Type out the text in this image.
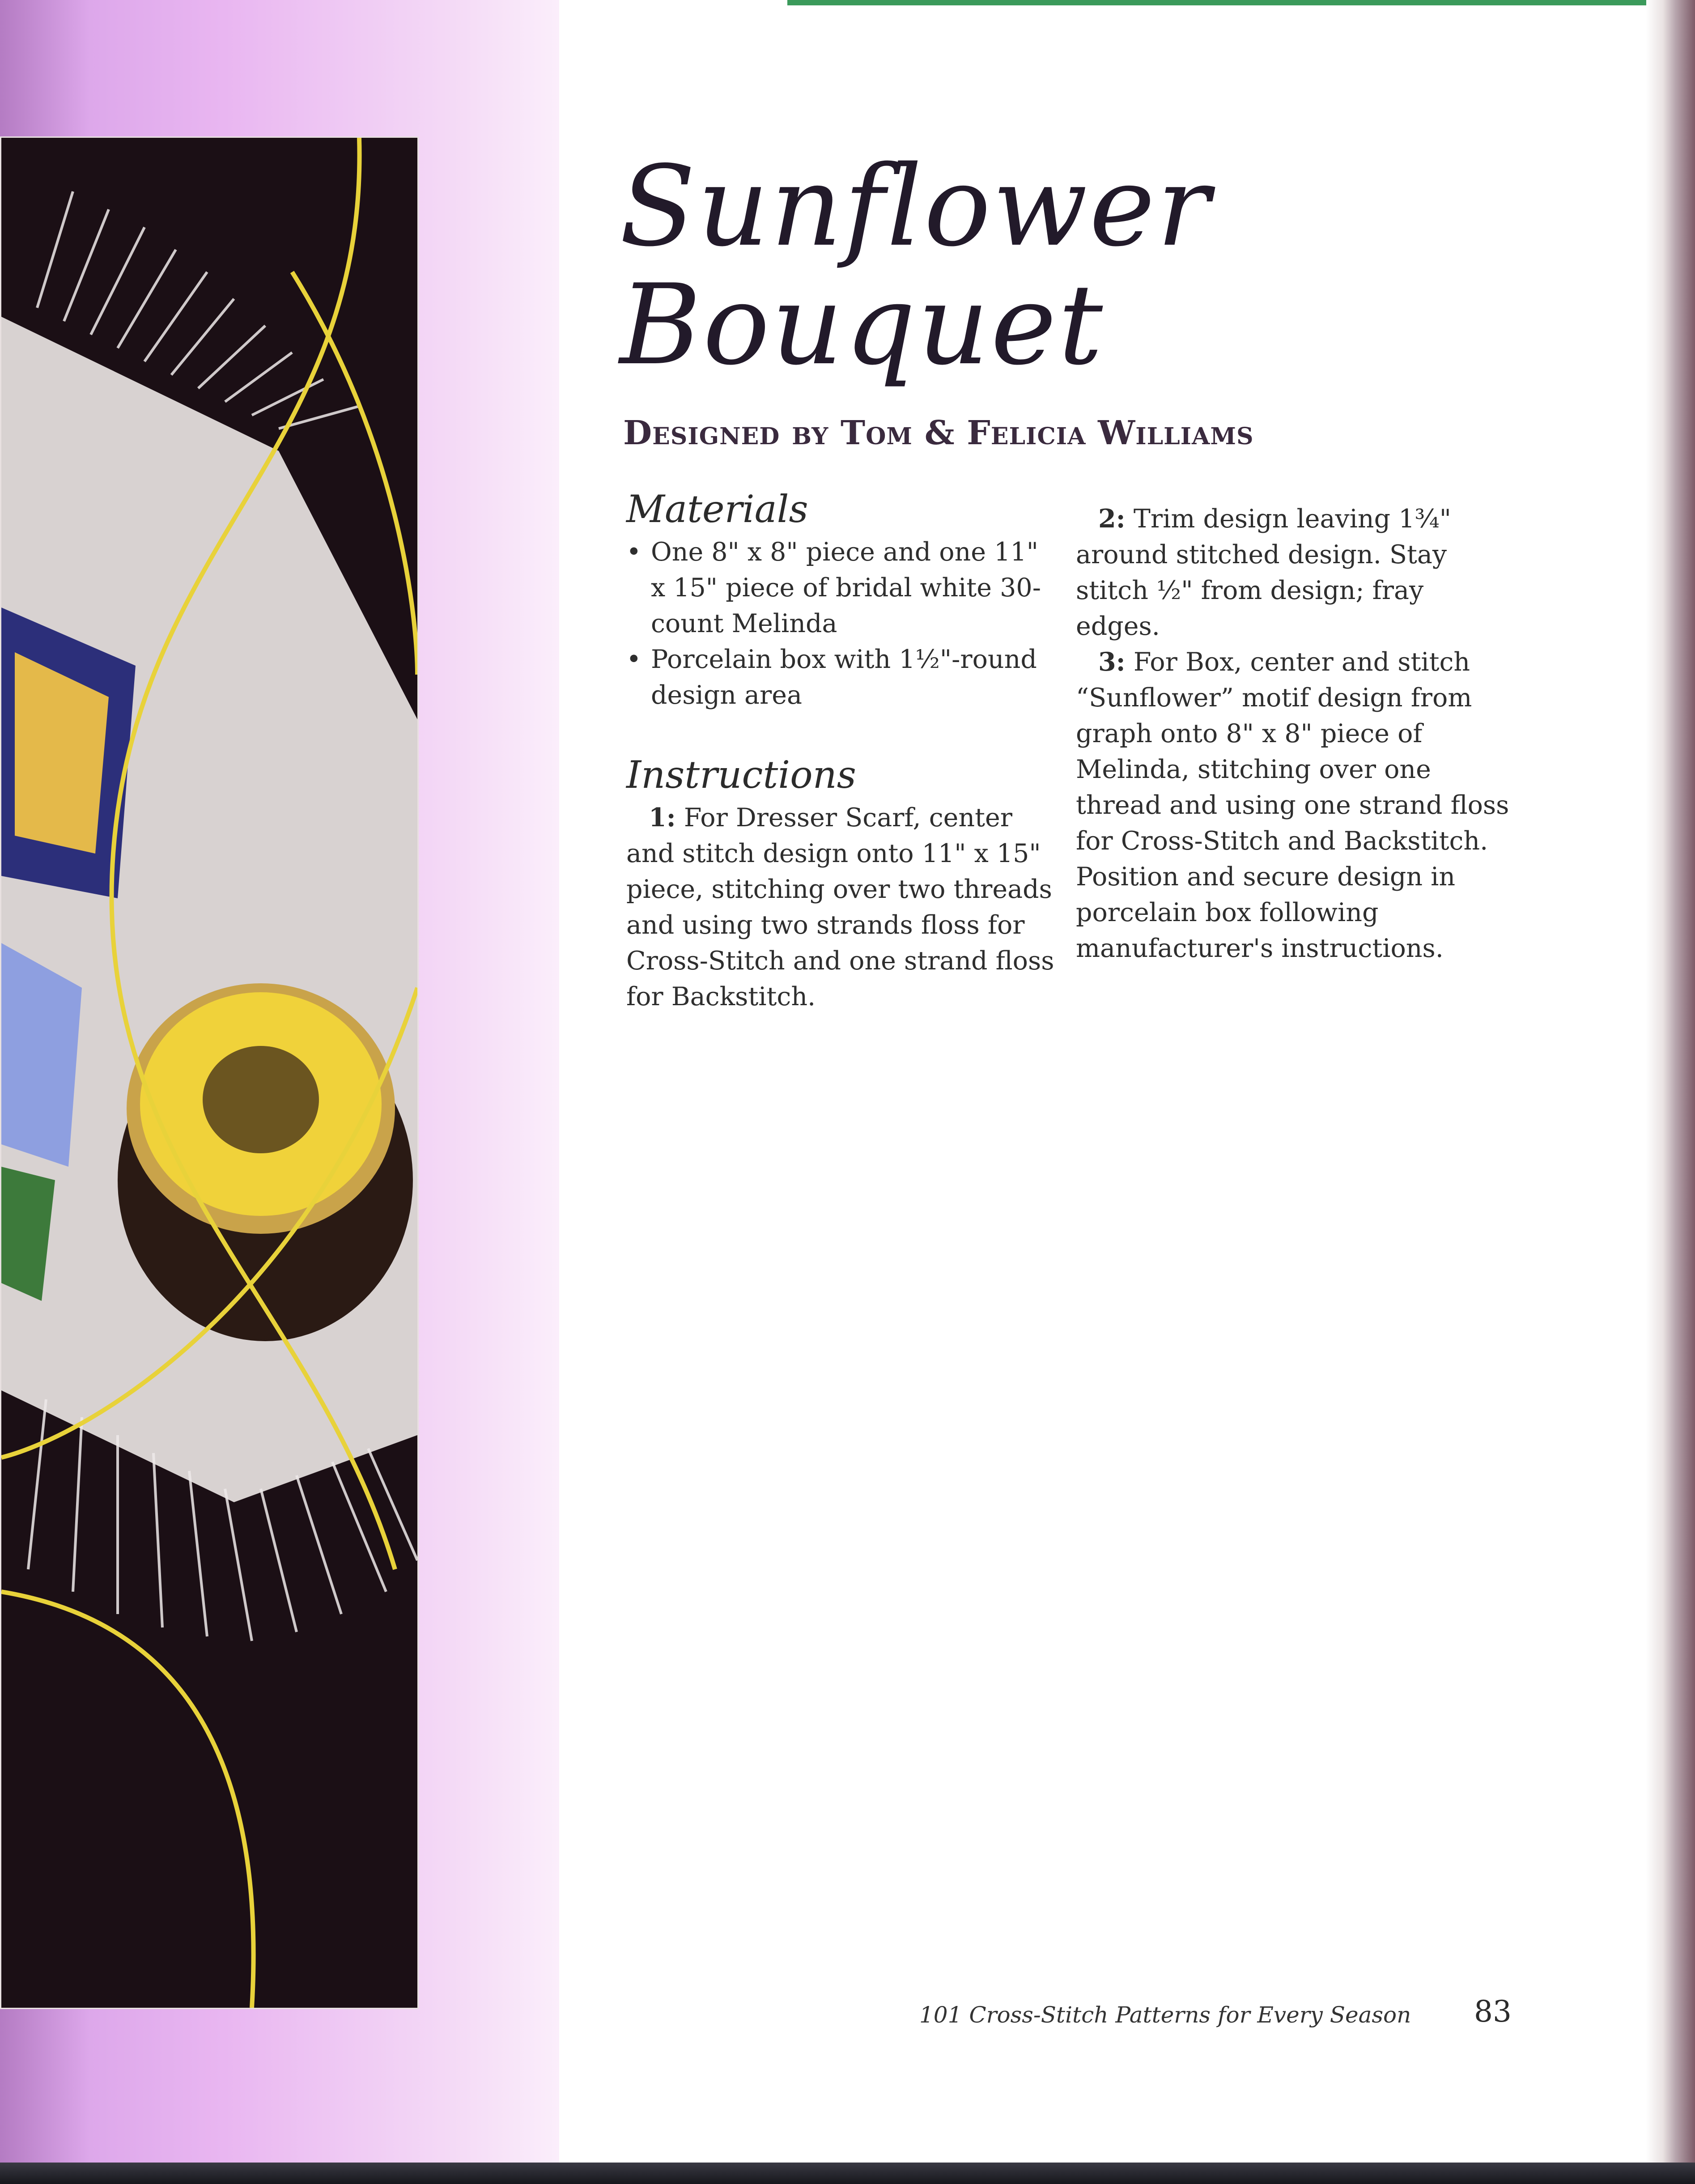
Sunflower
Bouquet
Designed by Tom & Felicia Williams
Materials
• One 8" x 8" piece and one 11" x 15" piece of bridal white 30-count Melinda
• Porcelain box with 1½"-round design area
Instructions

1: For Dresser Scarf, center and stitch design onto 11" x 15" piece, stitching over two threads and using two strands floss for Cross-Stitch and one strand floss for Backstitch.

2: Trim design leaving 1¾" around stitched design. Stay stitch ½" from design; fray edges.

3: For Box, center and stitch “Sunflower” motif design from graph onto 8" x 8" piece of Melinda, stitching over one thread and using one strand floss for Cross-Stitch and Backstitch. Position and secure design in porcelain box following manufacturer's instructions.

101 Cross-Stitch Patterns for Every Season 83
